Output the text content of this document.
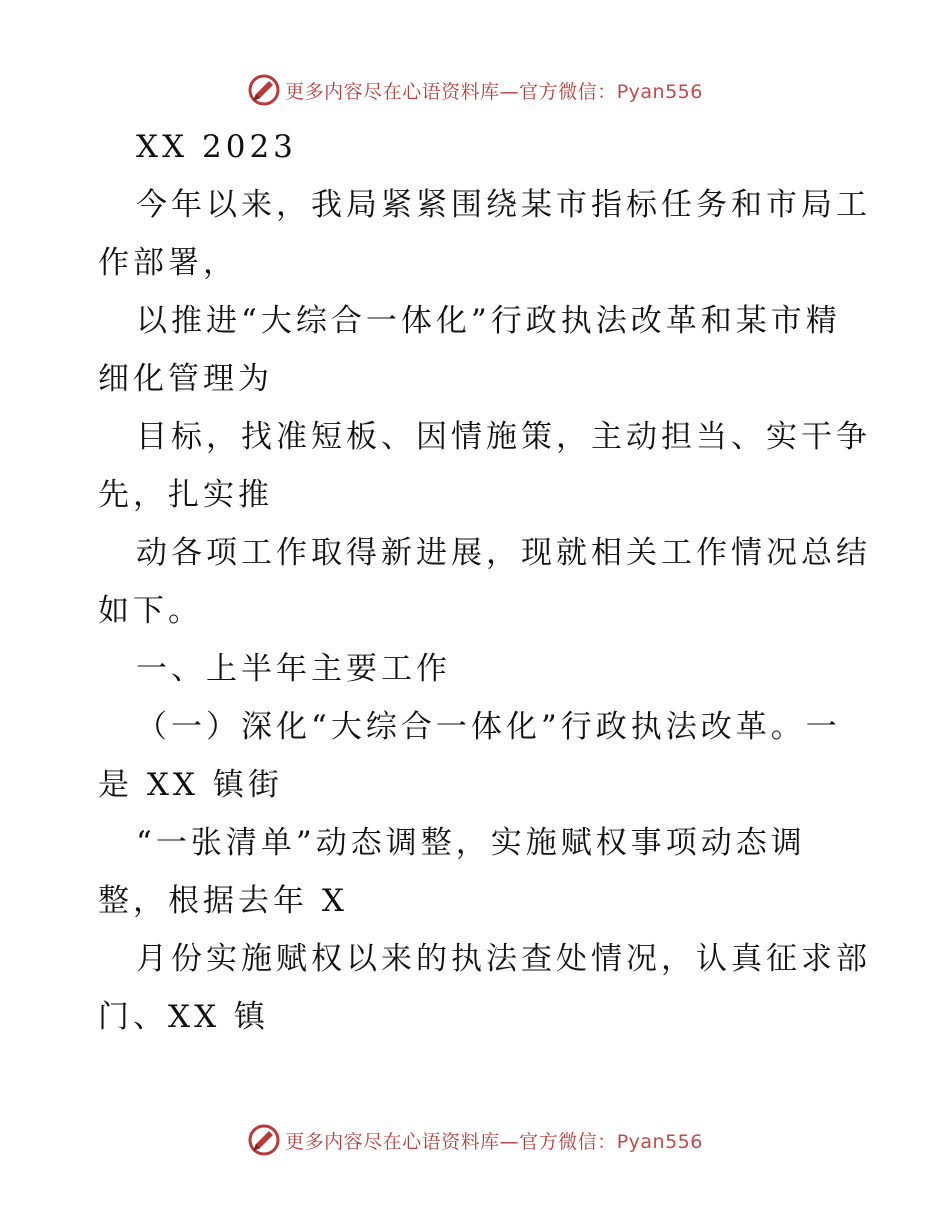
更多内容尽在心语资料库—官方微信：Pyan556
XX 2023
今年以来，我局紧紧围绕某市指标任务和市局工
作部署，
以推进“大综合一体化”行政执法改革和某市精
细化管理为
目标，找准短板、因情施策，主动担当、实干争
先，扎实推
动各项工作取得新进展，现就相关工作情况总结
如下。
一、上半年主要工作
（一）深化“大综合一体化”行政执法改革。一
是 XX 镇街
“一张清单”动态调整，实施赋权事项动态调
整，根据去年 X
月份实施赋权以来的执法查处情况，认真征求部
门、XX 镇
更多内容尽在心语资料库—官方微信：Pyan556
